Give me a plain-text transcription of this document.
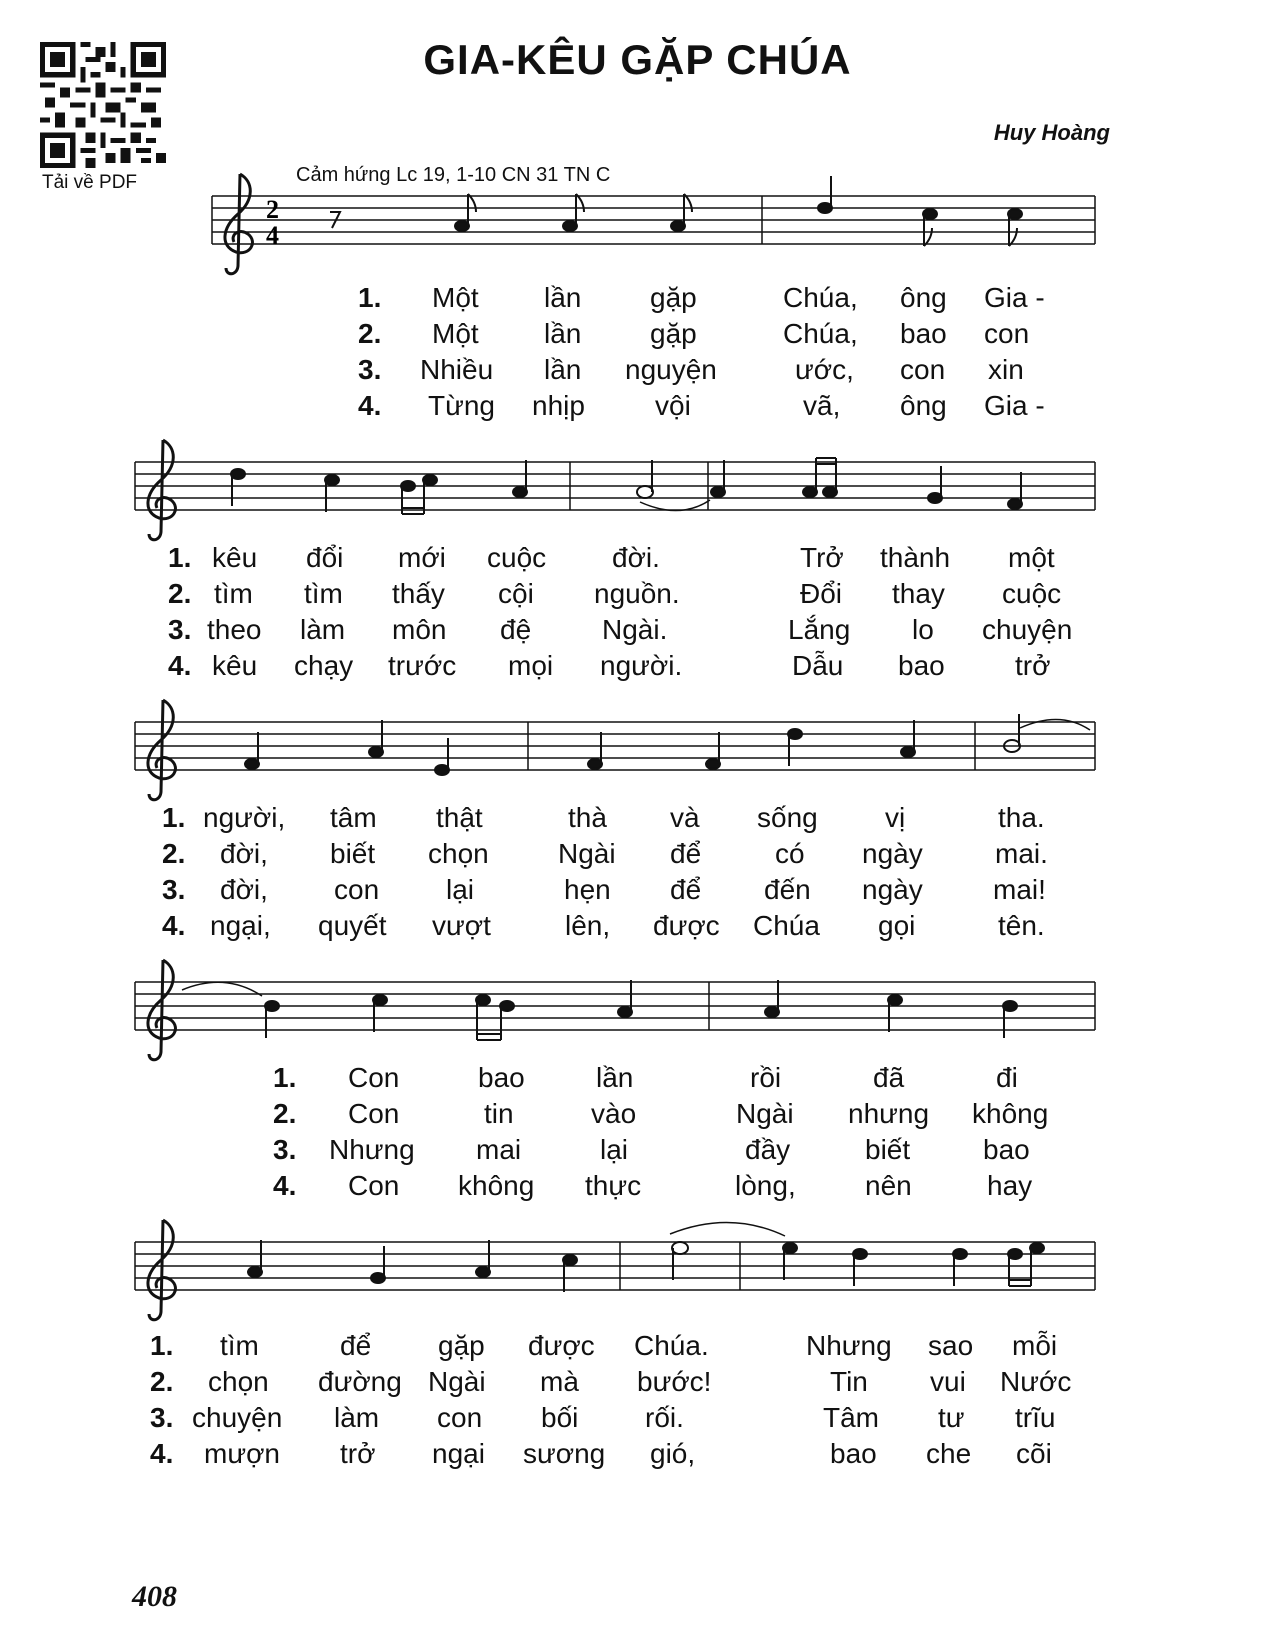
Tải về PDF
GIA-KÊU GẶP CHÚA
Huy Hoàng
Cảm hứng Lc 19, 1-10 CN 31 TN C
2
4
1. Một lần gặp	Chúa, ông Gia -
2. Một lần gặp	Chúa, bao con
3. Nhiều lần nguyện	ước, con xin
4. Từng nhịp	vội	vã, ông Gia -
1. kêu đổi mới cuộc đời.	Trở thành một
2. tìm tìm thấy cội nguồn.	Đổi thay cuộc
3. theo làm môn đệ	Ngài.	Lắng lo chuyện
4. kêu chạy trước mọi người.	Dẫu bao	trở
1. người, tâm thật	thà và sống vị	tha.
2. đời, biết chọn Ngài để	có ngày	mai.
3. đời, con lại	hẹn để đến ngày	mai!
4. ngại, quyết vượt	lên, được Chúa gọi	tên.
1. Con	bao	lần	rồi	đã	đi
2. Con	tin	vào	Ngài nhưng không
3. Nhưng mai	lại	đầy	biết	bao
4. Con không thực	lòng, nên	hay
1. tìm	để gặp được Chúa.	Nhưng sao mỗi
2. chọn đường Ngài mà bước!	Tin vui Nước
3. chuyện làm con bối rối.	Tâm tư trĩu
4. mượn trở ngại sương gió,	bao che cõi
408
